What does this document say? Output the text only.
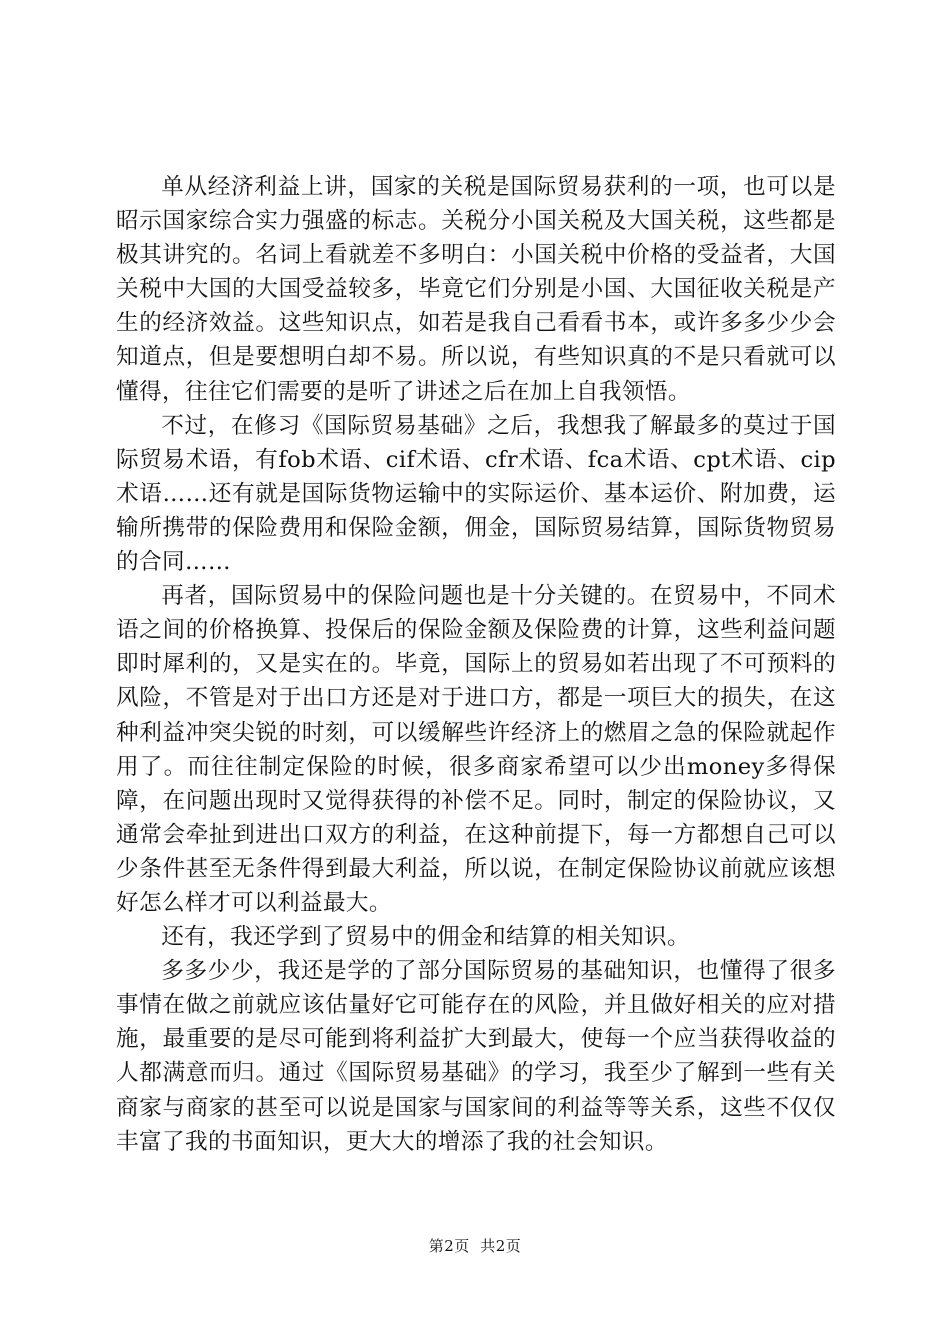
单从经济利益上讲，国家的关税是国际贸易获利的一项，也可以是昭示国家综合实力强盛的标志。关税分小国关税及大国关税，这些都是极其讲究的。名词上看就差不多明白：小国关税中价格的受益者，大国关税中大国的大国受益较多，毕竟它们分别是小国、大国征收关税是产生的经济效益。这些知识点，如若是我自己看看书本，或许多多少少会知道点，但是要想明白却不易。所以说，有些知识真的不是只看就可以懂得，往往它们需要的是听了讲述之后在加上自我领悟。

不过，在修习《国际贸易基础》之后，我想我了解最多的莫过于国际贸易术语，有fob术语、cif术语、cfr术语、fca术语、cpt术语、cip术语……还有就是国际货物运输中的实际运价、基本运价、附加费，运输所携带的保险费用和保险金额，佣金，国际贸易结算，国际货物贸易的合同……

再者，国际贸易中的保险问题也是十分关键的。在贸易中，不同术语之间的价格换算、投保后的保险金额及保险费的计算，这些利益问题即时犀利的，又是实在的。毕竟，国际上的贸易如若出现了不可预料的风险，不管是对于出口方还是对于进口方，都是一项巨大的损失，在这种利益冲突尖锐的时刻，可以缓解些许经济上的燃眉之急的保险就起作用了。而往往制定保险的时候，很多商家希望可以少出money多得保障，在问题出现时又觉得获得的补偿不足。同时，制定的保险协议，又通常会牵扯到进出口双方的利益，在这种前提下，每一方都想自己可以少条件甚至无条件得到最大利益，所以说，在制定保险协议前就应该想好怎么样才可以利益最大。

还有，我还学到了贸易中的佣金和结算的相关知识。

多多少少，我还是学的了部分国际贸易的基础知识，也懂得了很多事情在做之前就应该估量好它可能存在的风险，并且做好相关的应对措施，最重要的是尽可能到将利益扩大到最大，使每一个应当获得收益的人都满意而归。通过《国际贸易基础》的学习，我至少了解到一些有关商家与商家的甚至可以说是国家与国家间的利益等等关系，这些不仅仅丰富了我的书面知识，更大大的增添了我的社会知识。

第2页  共2页
